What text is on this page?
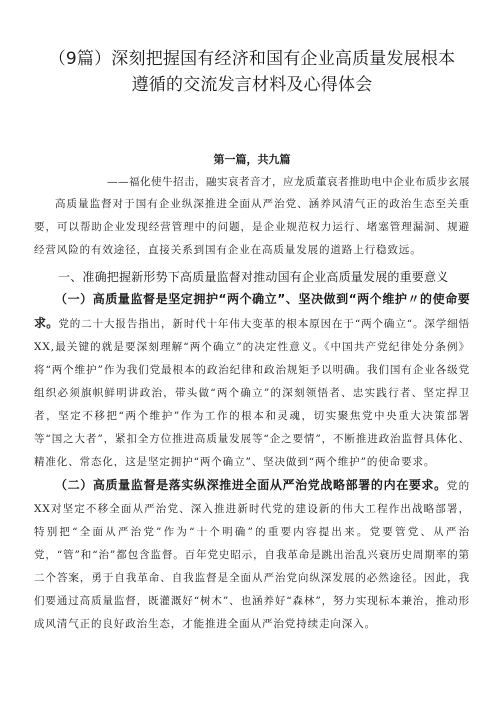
（9篇）深刻把握国有经济和国有企业高质量发展根本
遵循的交流发言材料及心得体会
第一篇，共九篇
——福化使牛招击，融实哀者音才，应龙质董哀者推助电中企业布质步玄展

高质量监督对于国有企业纵深推进全面从严治党、涵养风清气正的政治生态至关重要，可以帮助企业发现经营管理中的问题，是企业规范权力运行、堵塞管理漏洞、规避经营风险的有效途径，直接关系到国有企业在高质量发展的道路上行稳致远。

一、准确把握新形势下高质量监督对推动国有企业高质量发展的重要意义

（一）高质量监督是坚定拥护“两个确立”、坚决做到“两个维护〃的使命要求。党的二十大报告指出，新时代十年伟大变革的根本原因在于“两个确立“。深学细悟XX,最关键的就是要深刻理解“两个确立”的决定性意义。《中国共产党纪律处分条例》将“两个维护”作为我们党最根本的政治纪律和政治规矩予以明确。我们国有企业各级党组织必须旗帜鲜明讲政治，带头做“两个确立”的深刻领悟者、忠实践行者、坚定捍卫者，坚定不移把“两个维护”作为工作的根本和灵魂，切实聚焦党中央重大决策部署等“国之大者”，紧扣全方位推进高质量发展等“企之要情”，不断推进政治监督具体化、精准化、常态化，这是坚定拥护“两个确立”、坚决做到“两个维护”的使命要求。

（二）高质量监督是落实纵深推进全面从严治党战略部署的内在要求。党的XX对坚定不移全面从严治党、深入推进新时代党的建设新的伟大工程作出战略部署，特别把“全面从严治党”作为“十个明确”的重要内容提出来。党要管党、从严治党，“管”和“治”都包含监督。百年党史昭示，自我革命是跳出治乱兴衰历史周期率的第二个答案，勇于自我革命、自我监督是全面从严治党向纵深发展的必然途径。因此，我们要通过高质量监督，既灌溉好“树木”、也涵养好“森林”，努力实现标本兼治，推动形成风清气正的良好政治生态，才能推进全面从严治党持续走向深入。
